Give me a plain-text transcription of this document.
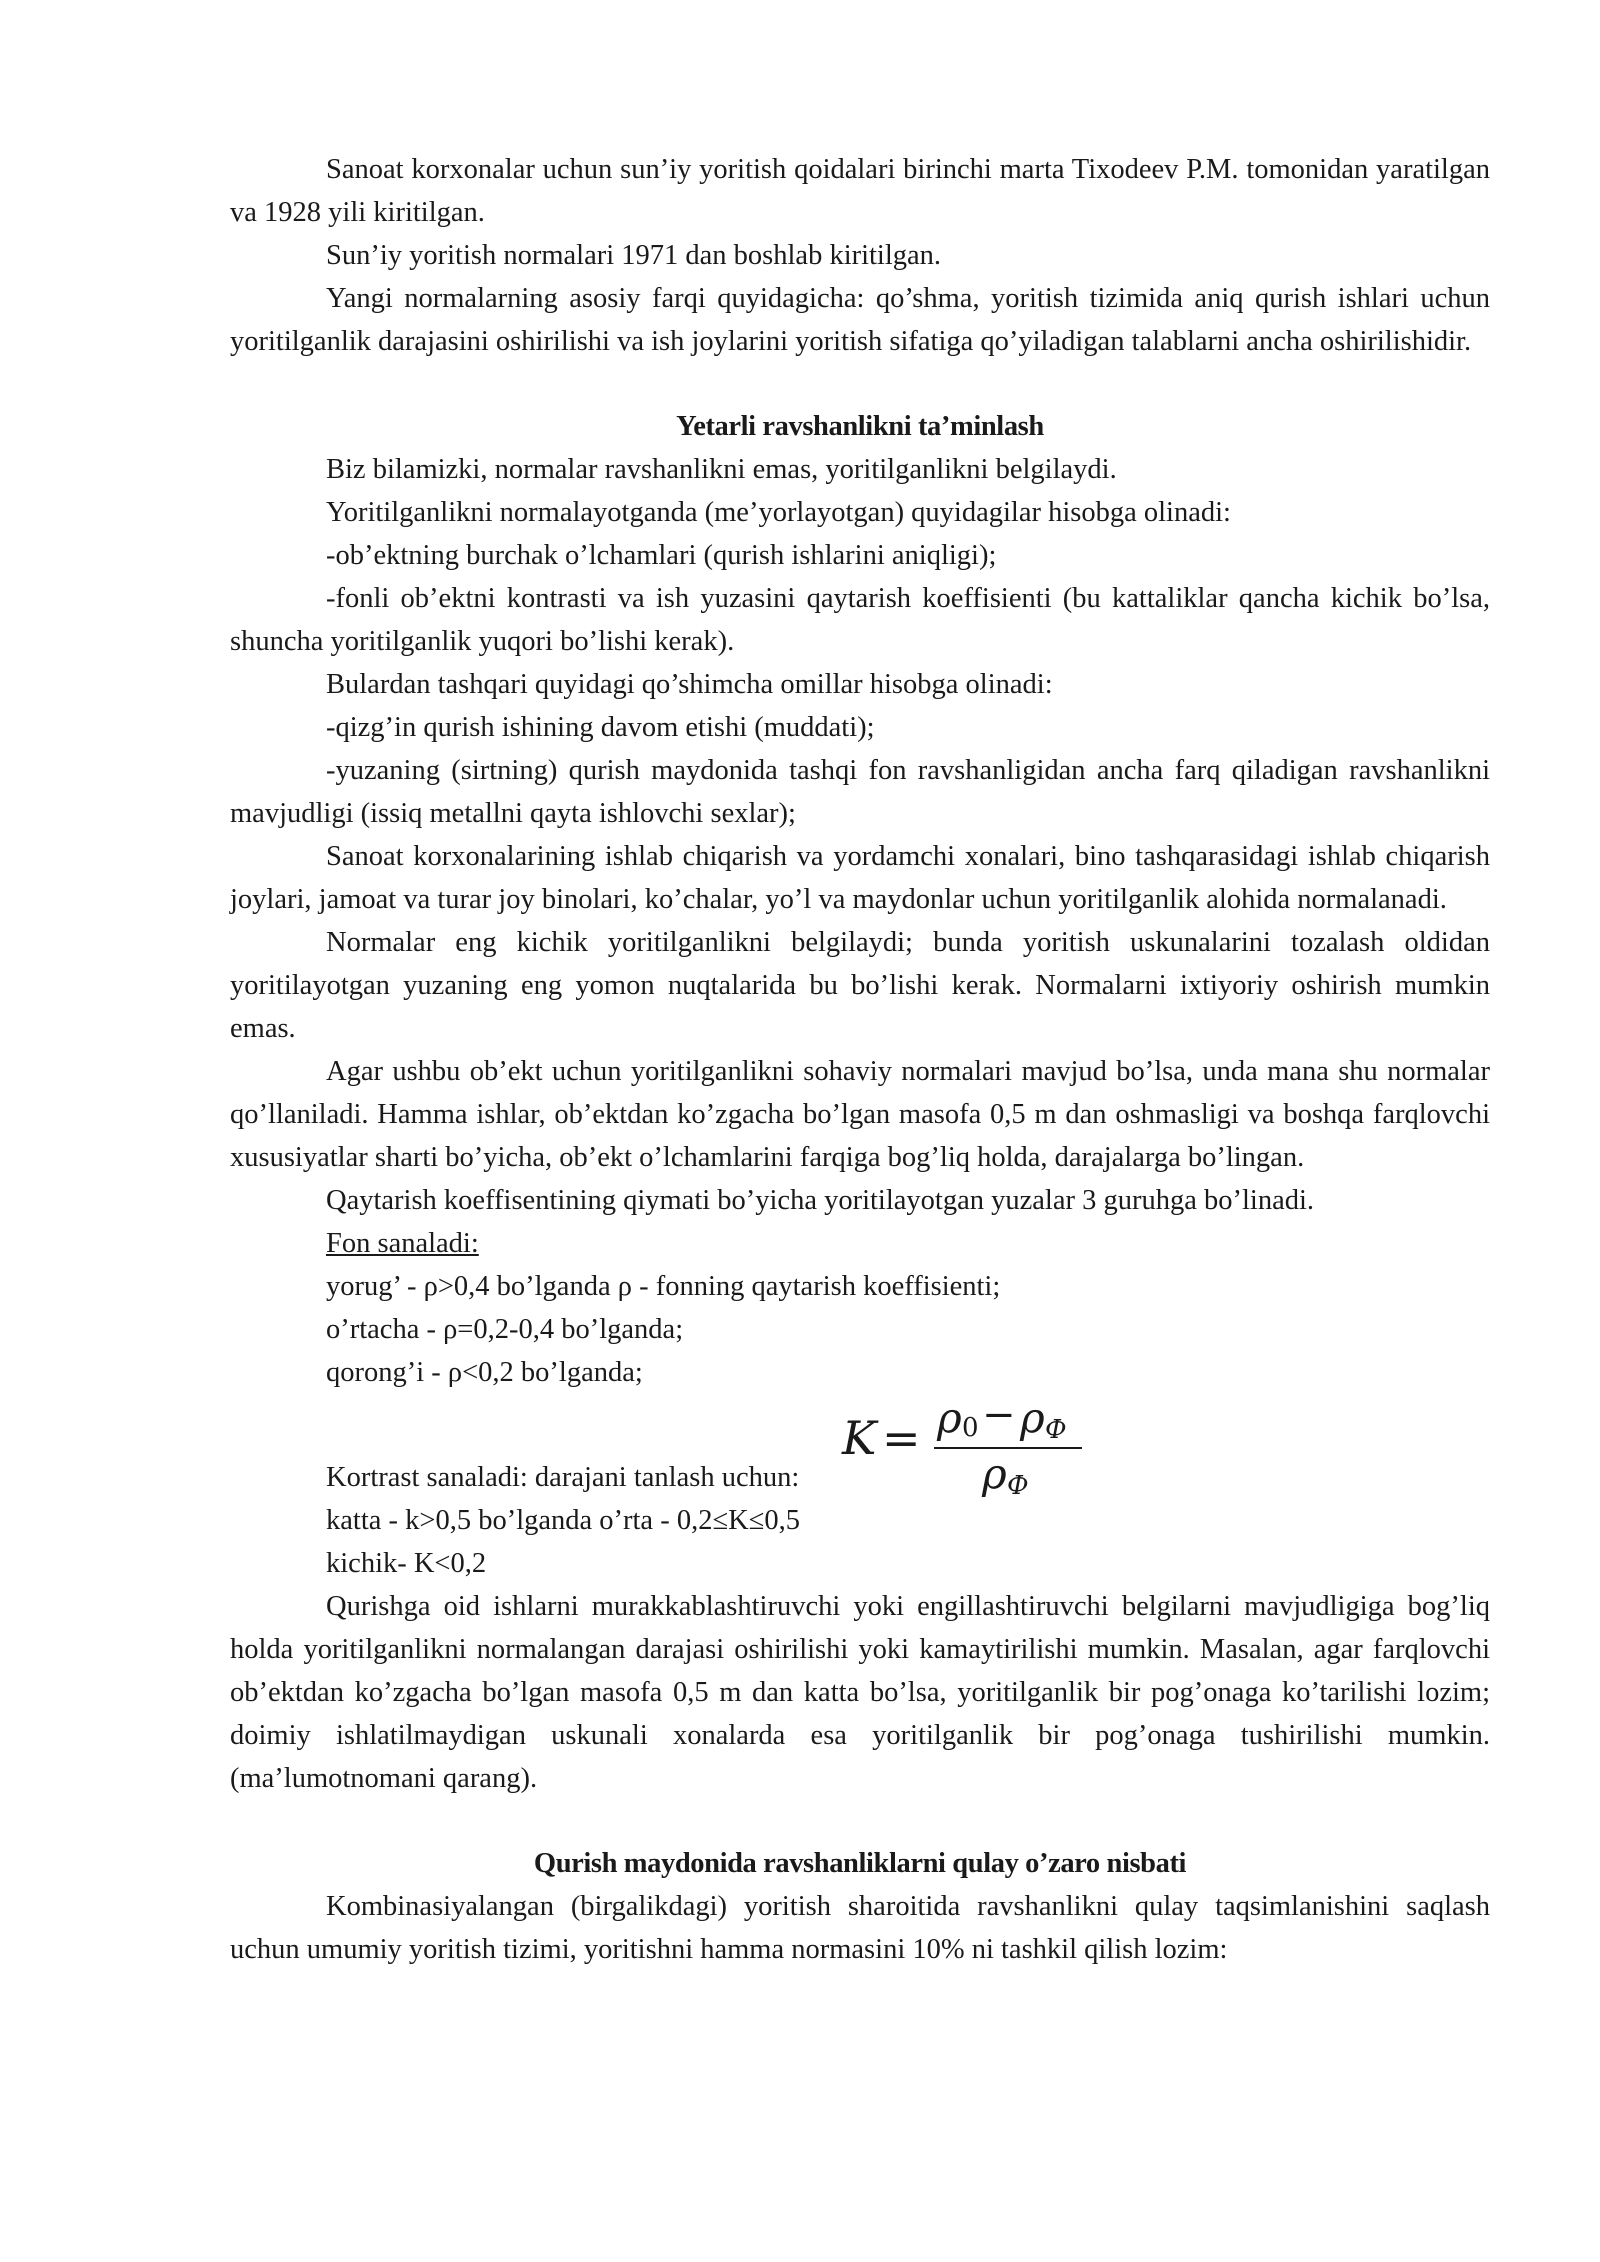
Sanoat korxonalar uchun sun’iy yoritish qoidalari birinchi marta Tixodeev P.M. tomonidan yaratilgan va 1928 yili kiritilgan.

Sun’iy yoritish normalari 1971 dan boshlab kiritilgan.

Yangi normalarning asosiy farqi quyidagicha: qo’shma, yoritish tizimida aniq qurish ishlari uchun yoritilganlik darajasini oshirilishi va ish joylarini yoritish sifatiga qo’yiladigan talablarni ancha oshirilishidir.

Yetarli ravshanlikni ta’minlash

Biz bilamizki, normalar ravshanlikni emas, yoritilganlikni belgilaydi.

Yoritilganlikni normalayotganda (me’yorlayotgan) quyidagilar hisobga olinadi:

-ob’ektning burchak o’lchamlari (qurish ishlarini aniqligi);

-fonli ob’ektni kontrasti va ish yuzasini qaytarish koeffisienti (bu kattaliklar qancha kichik bo’lsa, shuncha yoritilganlik yuqori bo’lishi kerak).

Bulardan tashqari quyidagi qo’shimcha omillar hisobga olinadi:

-qizg’in qurish ishining davom etishi (muddati);

-yuzaning (sirtning) qurish maydonida tashqi fon ravshanligidan ancha farq qiladigan ravshanlikni mavjudligi (issiq metallni qayta ishlovchi sexlar);

Sanoat korxonalarining ishlab chiqarish va yordamchi xonalari, bino tashqarasidagi ishlab chiqarish joylari, jamoat va turar joy binolari, ko’chalar, yo’l va maydonlar uchun yoritilganlik alohida normalanadi.

Normalar eng kichik yoritilganlikni belgilaydi; bunda yoritish uskunalarini tozalash oldidan yoritilayotgan yuzaning eng yomon nuqtalarida bu bo’lishi kerak. Normalarni ixtiyoriy oshirish mumkin emas.

Agar ushbu ob’ekt uchun yoritilganlikni sohaviy normalari mavjud bo’lsa, unda mana shu normalar qo’llaniladi. Hamma ishlar, ob’ektdan ko’zgacha bo’lgan masofa 0,5 m dan oshmasligi va boshqa farqlovchi xususiyatlar sharti bo’yicha, ob’ekt o’lchamlarini farqiga bog’liq holda, darajalarga bo’lingan.

Qaytarish koeffisentining qiymati bo’yicha yoritilayotgan yuzalar 3 guruhga bo’linadi.

Fon sanaladi:

yorug’ - ρ>0,4 bo’lganda ρ - fonning qaytarish koeffisienti;

o’rtacha - ρ=0,2-0,4 bo’lganda;

qorong’i - ρ<0,2 bo’lganda;

K = ρ 0 − ρ Ф
ρ Ф
Kortrast sanaladi: darajani tanlash uchun:
katta - k>0,5 bo’lganda o’rta - 0,2≤K≤0,5
kichik- K<0,2

Qurishga oid ishlarni murakkablashtiruvchi yoki engillashtiruvchi belgilarni mavjudligiga bog’liq holda yoritilganlikni normalangan darajasi oshirilishi yoki kamaytirilishi mumkin. Masalan, agar farqlovchi ob’ektdan ko’zgacha bo’lgan masofa 0,5 m dan katta bo’lsa, yoritilganlik bir pog’onaga ko’tarilishi lozim; doimiy ishlatilmaydigan uskunali xonalarda esa yoritilganlik bir pog’onaga tushirilishi mumkin. (ma’lumotnomani qarang).

Qurish maydonida ravshanliklarni qulay o’zaro nisbati

Kombinasiyalangan (birgalikdagi) yoritish sharoitida ravshanlikni qulay taqsimlanishini saqlash uchun umumiy yoritish tizimi, yoritishni hamma normasini 10% ni tashkil qilish lozim:
